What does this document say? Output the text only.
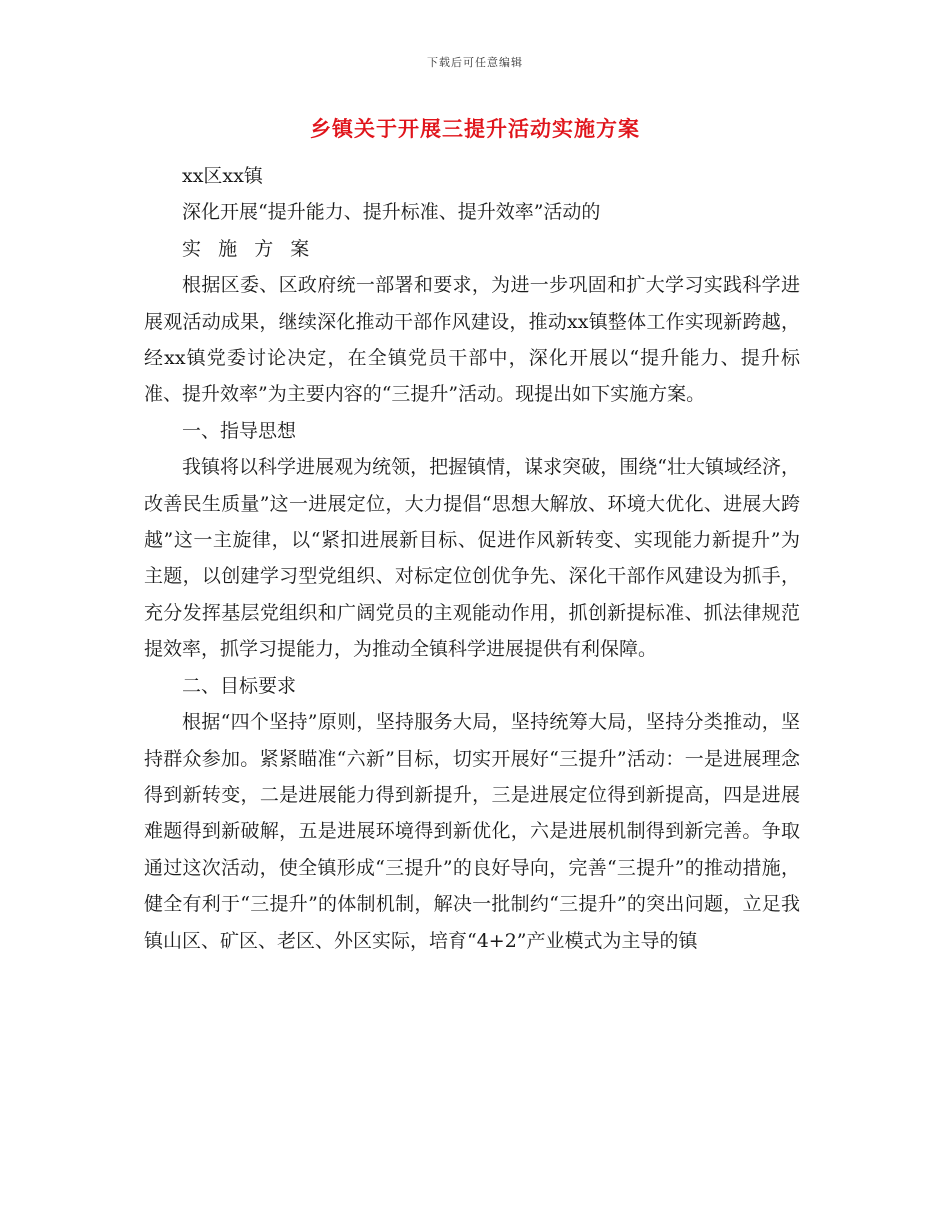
下载后可任意编辑
乡镇关于开展三提升活动实施方案

xx区xx镇

深化开展“提升能力、提升标准、提升效率”活动的

实施方案

根据区委、区政府统一部署和要求，为进一步巩固和扩大学习实践科学进展观活动成果，继续深化推动干部作风建设，推动xx镇整体工作实现新跨越，经xx镇党委讨论决定，在全镇党员干部中，深化开展以“提升能力、提升标准、提升效率”为主要内容的“三提升”活动。现提出如下实施方案。

一、指导思想

我镇将以科学进展观为统领，把握镇情，谋求突破，围绕“壮大镇域经济，改善民生质量”这一进展定位，大力提倡“思想大解放、环境大优化、进展大跨越”这一主旋律，以“紧扣进展新目标、促进作风新转变、实现能力新提升”为主题，以创建学习型党组织、对标定位创优争先、深化干部作风建设为抓手，充分发挥基层党组织和广阔党员的主观能动作用，抓创新提标准、抓法律规范提效率，抓学习提能力，为推动全镇科学进展提供有利保障。

二、目标要求

根据“四个坚持”原则，坚持服务大局，坚持统筹大局，坚持分类推动，坚持群众参加。紧紧瞄准“六新”目标，切实开展好“三提升”活动：一是进展理念得到新转变，二是进展能力得到新提升，三是进展定位得到新提高，四是进展难题得到新破解，五是进展环境得到新优化，六是进展机制得到新完善。争取通过这次活动，使全镇形成“三提升”的良好导向，完善“三提升”的推动措施，健全有利于“三提升”的体制机制，解决一批制约“三提升”的突出问题，立足我镇山区、矿区、老区、外区实际，培育“4+2”产业模式为主导的镇
